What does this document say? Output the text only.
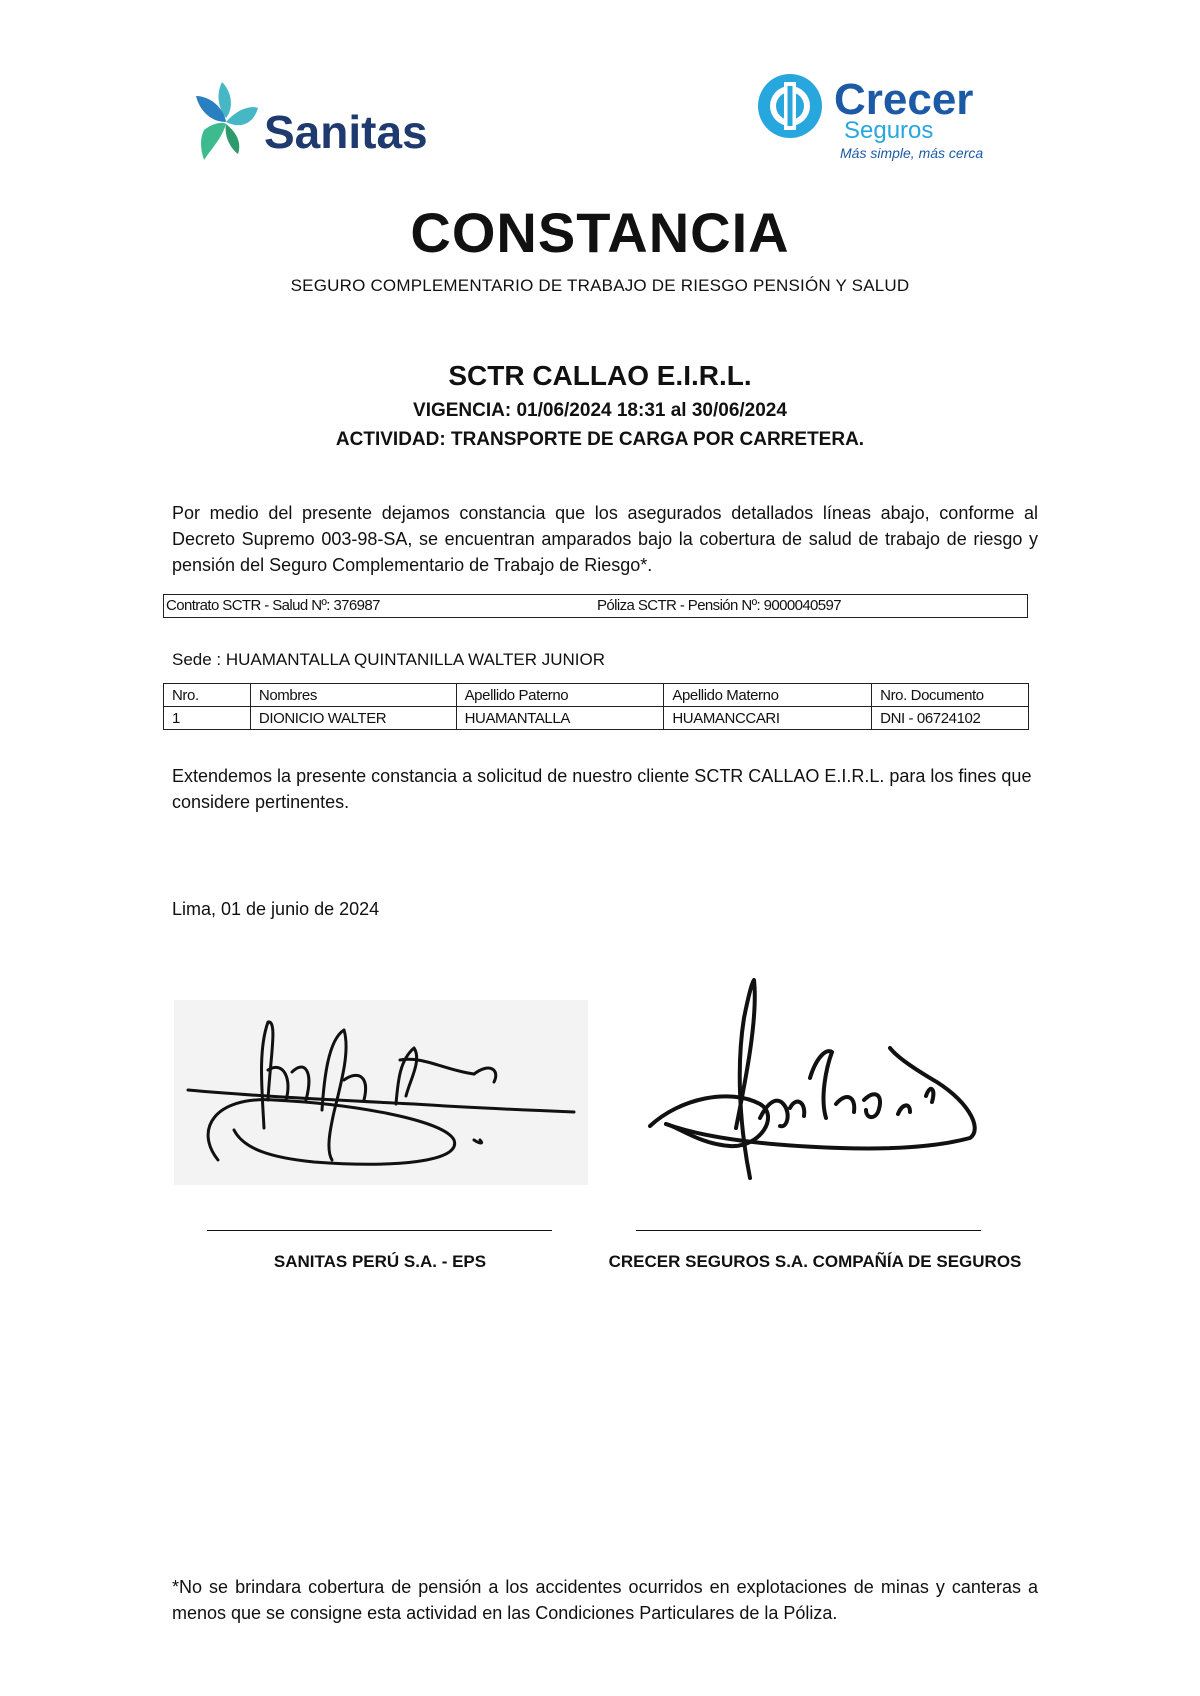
Sanitas
Crecer
Seguros
Más simple, más cerca
CONSTANCIA
SEGURO COMPLEMENTARIO DE TRABAJO DE RIESGO PENSIÓN Y SALUD
SCTR CALLAO E.I.R.L.
VIGENCIA: 01/06/2024 18:31 al 30/06/2024
ACTIVIDAD: TRANSPORTE DE CARGA POR CARRETERA.
Por medio del presente dejamos constancia que los asegurados detallados líneas abajo, conforme al Decreto Supremo 003-98-SA, se encuentran amparados bajo la cobertura de salud de trabajo de riesgo y pensión del Seguro Complementario de Trabajo de Riesgo*.
Contrato SCTR - Salud Nº: 376987	Póliza SCTR - Pensión Nº: 9000040597
Sede : HUAMANTALLA QUINTANILLA WALTER JUNIOR
Nro.	Nombres	Apellido Paterno	Apellido Materno	Nro. Documento
1	DIONICIO WALTER	HUAMANTALLA	HUAMANCCARI	DNI - 06724102
Extendemos la presente constancia a solicitud de nuestro cliente SCTR CALLAO E.I.R.L. para los fines que considere pertinentes.
Lima, 01 de junio de 2024
SANITAS PERÚ S.A. - EPS	CRECER SEGUROS S.A. COMPAÑÍA DE SEGUROS
*No se brindara cobertura de pensión a los accidentes ocurridos en explotaciones de minas y canteras a menos que se consigne esta actividad en las Condiciones Particulares de la Póliza.
